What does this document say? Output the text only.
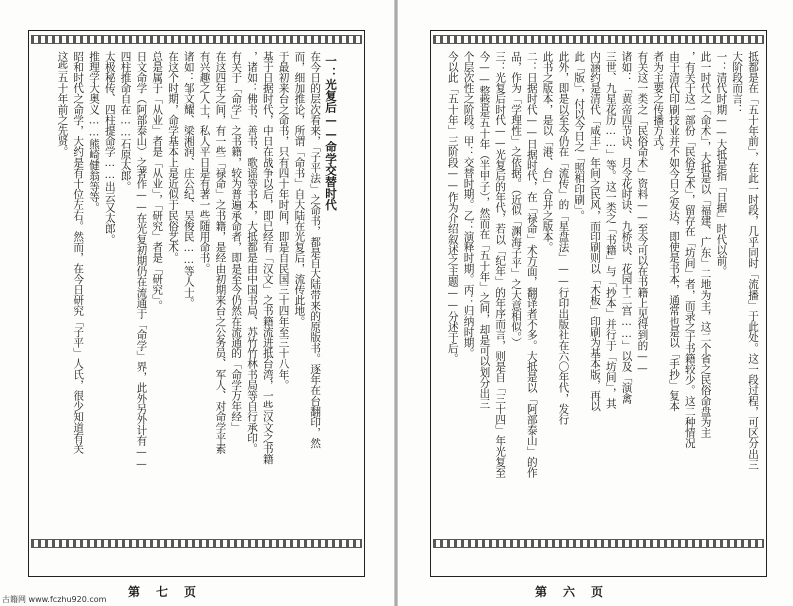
一：光复后——命学交替时代
在今日的层次看来，「子平法」之命书，都是自大陆带来的原版书。逐年在台翻印，然
而，细加推论，所谓「命书」自大陆在光复后，流传此地。
于最初来台之命书，只有四十年时间，即是自民国三十四年至三十八年。
基于日据时代，中日在战争以后，即已经有「汉文」之书籍流进抵台湾，一些汉文之书籍
，诸如：佛书、善书、歌谣等书本，大抵都是由中国书局、苏竹竹林书局等自行承印。
有关于「命学」之书籍，较为普遍承命者，即是至今仍然在流通的「命学万年经」
在这四年之间，有一些「禄命」之书籍，是经由初期来台之公务员、军人、对命学平素
有兴趣之人士，私人平日是有著一些随用命书。
诸如：邹文耀、梁湘润、庄公纪、吴俊民……等人士。
在这个时期，命学基本上是近似于民俗艺术。
总是属于「从业」者是「从业」，「研究」者是「研究」。
日文命学（阿部泰山）之著作——在光复初期仍在流通于「命学」界，此外另外计有——
四柱推命自在……石原太郎。
太极秘传、四柱提命学……出云又太郎。
推理学大奥义……熊崎健翁等等。
昭和时代之命学，大约是有十位左右。然而，在今日研究「子平」人氏，很少知道有关
这些五十年前之先贤。
第七页
抵都是在「五十年前」，在此一时段，几乎同时「流播」于此处。这一段过程，可区分出三
大阶段而言：
一：清代时期——大抵是指「日据」时代以前。
此一时代之「命术」，大抵是以「福建、广东」二地为主，这二个省之民俗命盘为主
，有关于这一部份「民俗艺术」，留存在「坊间」者，而录之于书籍较少。这二种情况
由于清代印刷技业并不如今日之发达，即使是书本，通常也是以「手抄」复本
者为主要之传播方式。
有关这一类之「民俗命术」资料——至今可以在书籍上见得到的——
诸如：「黄帝四节诀、月令花时诀、九桥诀、花园十二宫……」以及「演禽
三世、九星花历……」等。这一类之「书籍」与「抄本」并行于「坊间」，其
内涵约是清代「咸丰」年间之民风，而印刷则以「木板」印刷为基本版，再以
此「版」，付以今日之「照相印刷」。
此外，即是以至今仍在「流传」的「星盘法」——行印出版社在六〇年代，发行
此书之版本，是以「港、台」合并之版本。
二：日据时代——日据时代，在「禄命」术方面，翻译者不多。大抵是以「阿部泰山」的作
品，作为「学理性」之依据。（近似「渊海子平」之大意相似。）
三：光复后时代——光复后的年代，若以「纪年」的年序而言，则是自「三十四」年光复至
今——整整是五十年（半甲子），然而在「五十年」之间，却是可以划分出三
个层次性之阶段。甲：交替时期。乙：演释时期。丙：归纳时期。
今以此「五十年」三阶段——作为介绍叙述之主题——分述于后。
第六页
古籍网 www.fczhu920.com
